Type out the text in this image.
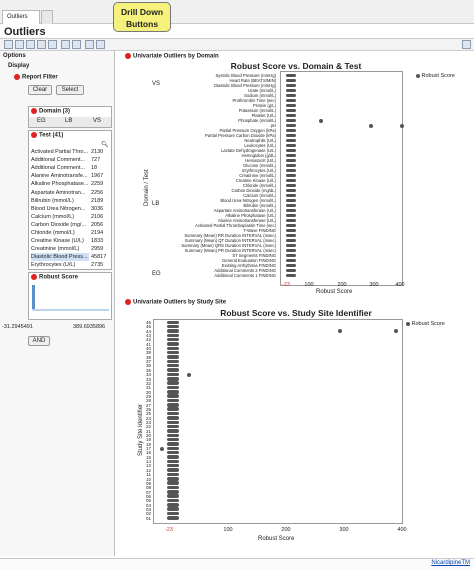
Outliers	Drill Down
Buttons
Outliers
Options
Display
Report Filter
Clear	Select
Domain (3)
EG	LB	VS
Test (41)
🔍︎
Activated Partial Thro... 2130
Additional Comment...	727
Additional Comment...	18
Alanine Aminotransfe... 1967
Alkaline Phosphatase... 2259
Aspartate Aminotran...	2256
Bilirubin (mmol/L)	2189
Blood Urea Nitrogen...	3036
Calcium (mmol/L)	2106
Carbon Dioxide (mg/... 2056
Chloride (mmol/L)	2194
Creatine Kinase (U/L)	1833
Creatinine (mmol/L)	2959
Diastolic Blood Press... 45817
Erythrocytes (U/L)	2735
Robust Score
-31.2945491	389.6935896
AND
Univariate Outliers by Domain
Robust Score vs. Domain & Test
Systolic Blood Pressure (mmHg)
Heart Rate (BEATS/MIN)
Diastolic Blood Pressure (mmHg)
Urate (mmol/L)
Sodium (mmol/L)
Prothrombin Time (sec)
Protein (g/L)
Potassium (mmol/L)
Platelet (U/L)
Phosphate (mmol/L)
pH
Partial Pressure Oxygen (kPa)
Partial Pressure Carbon Dioxide (kPa)
Neutrophils (U/L)
Leukocytes (U/L)
Lactate Dehydrogenase (U/L)
Hemoglobin (g/dL)
Hematocrit (U/L)
Glucose (mmol/L)
Erythrocytes (U/L)
Creatinine (mmol/L)
Creatine Kinase (U/L)
Chloride (mmol/L)
Carbon Dioxide (mg/dL)
Calcium (mmol/L)
Blood Urea Nitrogen (mmol/L)
Bilirubin (mmol/L)
Aspartate Aminotransferase (U/L)
Alkaline Phosphatase (U/L)
Alanine Aminotransferase (U/L)
Activated Partial Thromboplastin Time (sec)
T-Wave FINDING
Summary (Mean) RR Duration INTERVAL (msec)
Summary (Mean) QT Duration INTERVAL (msec)
Summary (Mean) QRS Duration INTERVAL (msec)
Summary (Mean) PR Duration INTERVAL (msec)
ST Segments FINDING
General Evaluation FINDING
Existing Arrhythmia FINDING
Additional Comments 2 FINDING
Additional Comments 1 FINDING
VS
LB
EG
-23	100	200	300	400
Robust Score
Robust Score
Domain / Test
Univariate Outliers by Study Site
Robust Score vs. Study Site Identifier
46
45
44
43
42
41
40
39
38
37
36
35
34
33
32
31
30
29
28
27
26
25
24
23
22
21
20
19
18
17
16
15
14
13
12
11
10
09
08
07
06
05
04
03
02
01
-23	100	200	300	400
Robust Score
Robust Score
Study Site Identifier
NicardipineTM
